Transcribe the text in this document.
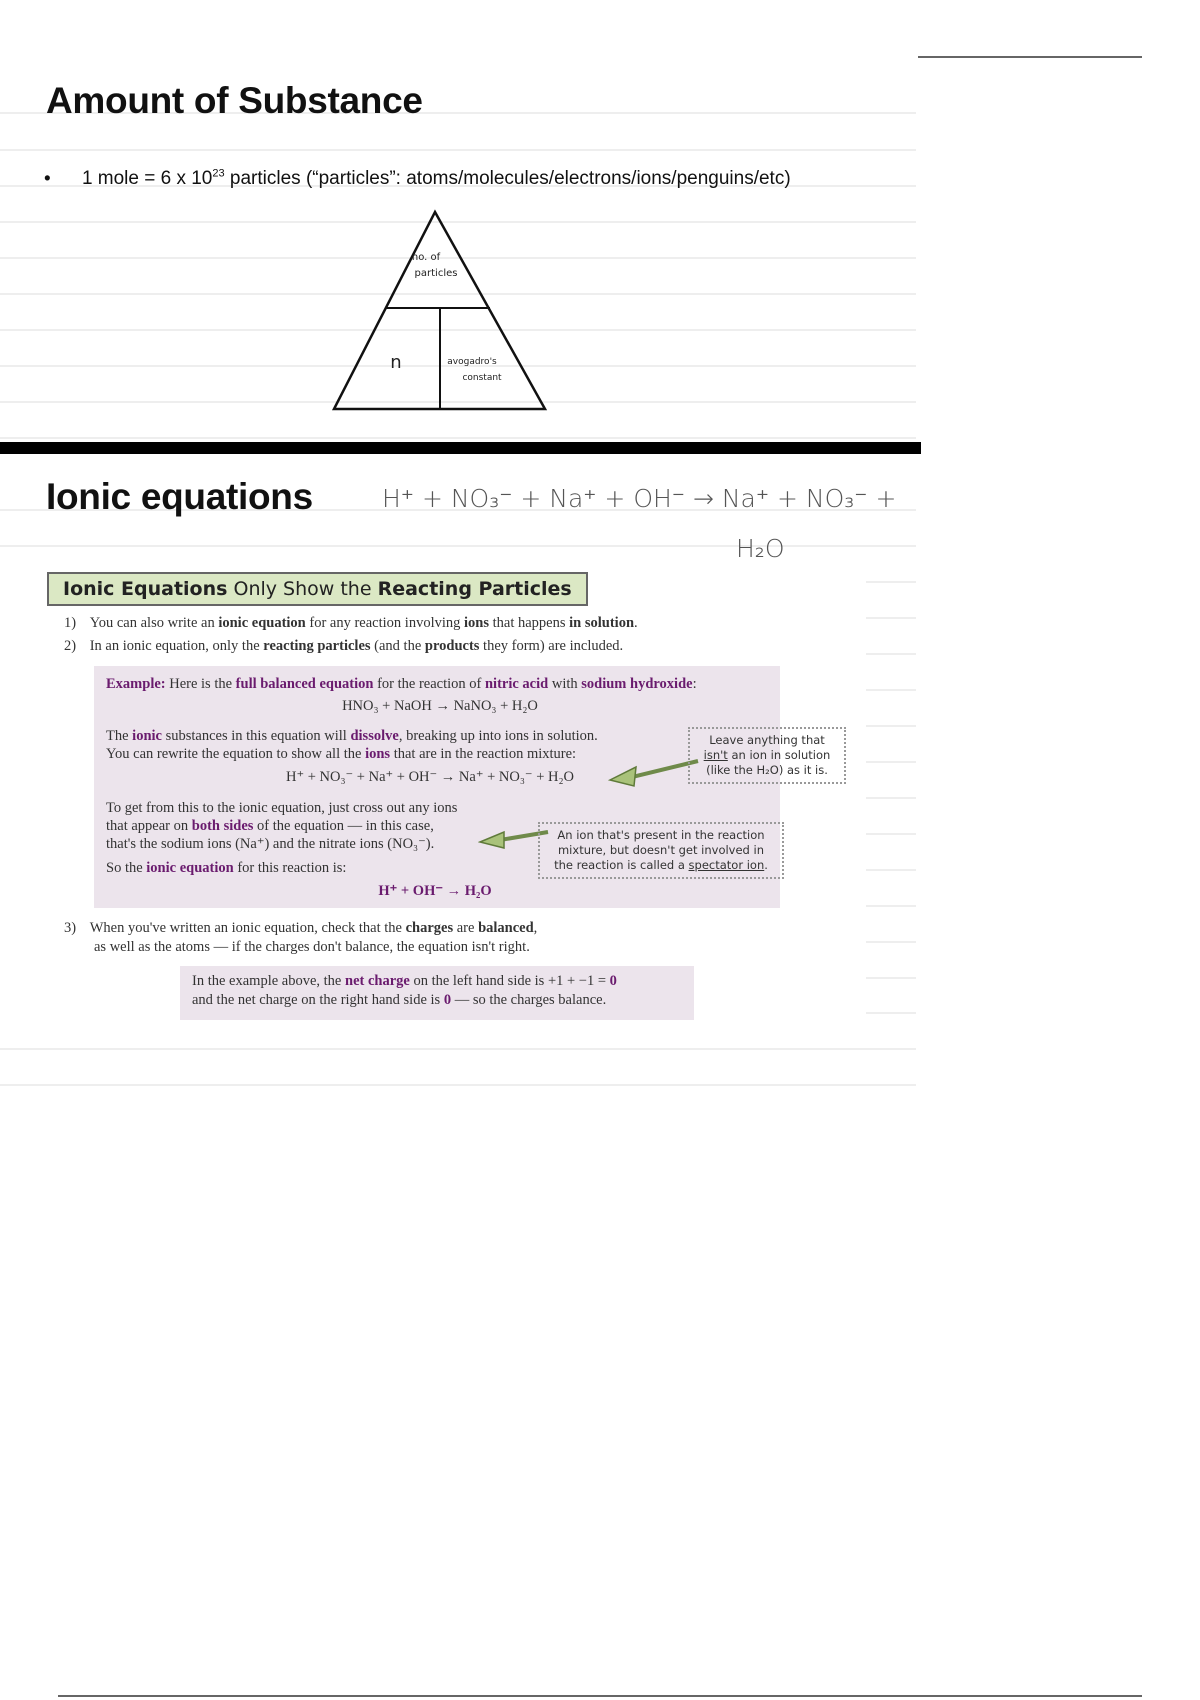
Amount of Substance
• 1 mole = 6 x $10^{23}$ particles (“particles”: atoms/molecules/electrons/ions/penguins/etc)
no. of
particles
n	avogadro's
constant
Ionic equations	H⁺ + NO₃⁻ + Na⁺ + OH⁻ → Na⁺ + NO₃⁻ +
H₂O
Ionic Equations Only Show the Reacting Particles
1) You can also write an ionic equation for any reaction involving ions that happens in solution.
2) In an ionic equation, only the reacting particles (and the products they form) are included.
Example: Here is the full balanced equation for the reaction of nitric acid with sodium hydroxide:
HNO₃ + NaOH → NaNO₃ + H₂O
The ionic substances in this equation will dissolve, breaking up into ions in solution.
You can rewrite the equation to show all the ions that are in the reaction mixture:
H⁺ + NO₃⁻ + Na⁺ + OH⁻ → Na⁺ + NO₃⁻ + H₂O
Leave anything that
isn't an ion in solution
(like the H₂O) as it is.
To get from this to the ionic equation, just cross out any ions
that appear on both sides of the equation — in this case,
that's the sodium ions (Na⁺) and the nitrate ions (NO₃⁻).
So the ionic equation for this reaction is:
H⁺ + OH⁻ → H₂O
An ion that's present in the reaction
mixture, but doesn't get involved in
the reaction is called a spectator ion.
3) When you've written an ionic equation, check that the charges are balanced,
as well as the atoms — if the charges don't balance, the equation isn't right.
In the example above, the net charge on the left hand side is +1 + −1 = 0
and the net charge on the right hand side is 0 — so the charges balance.
